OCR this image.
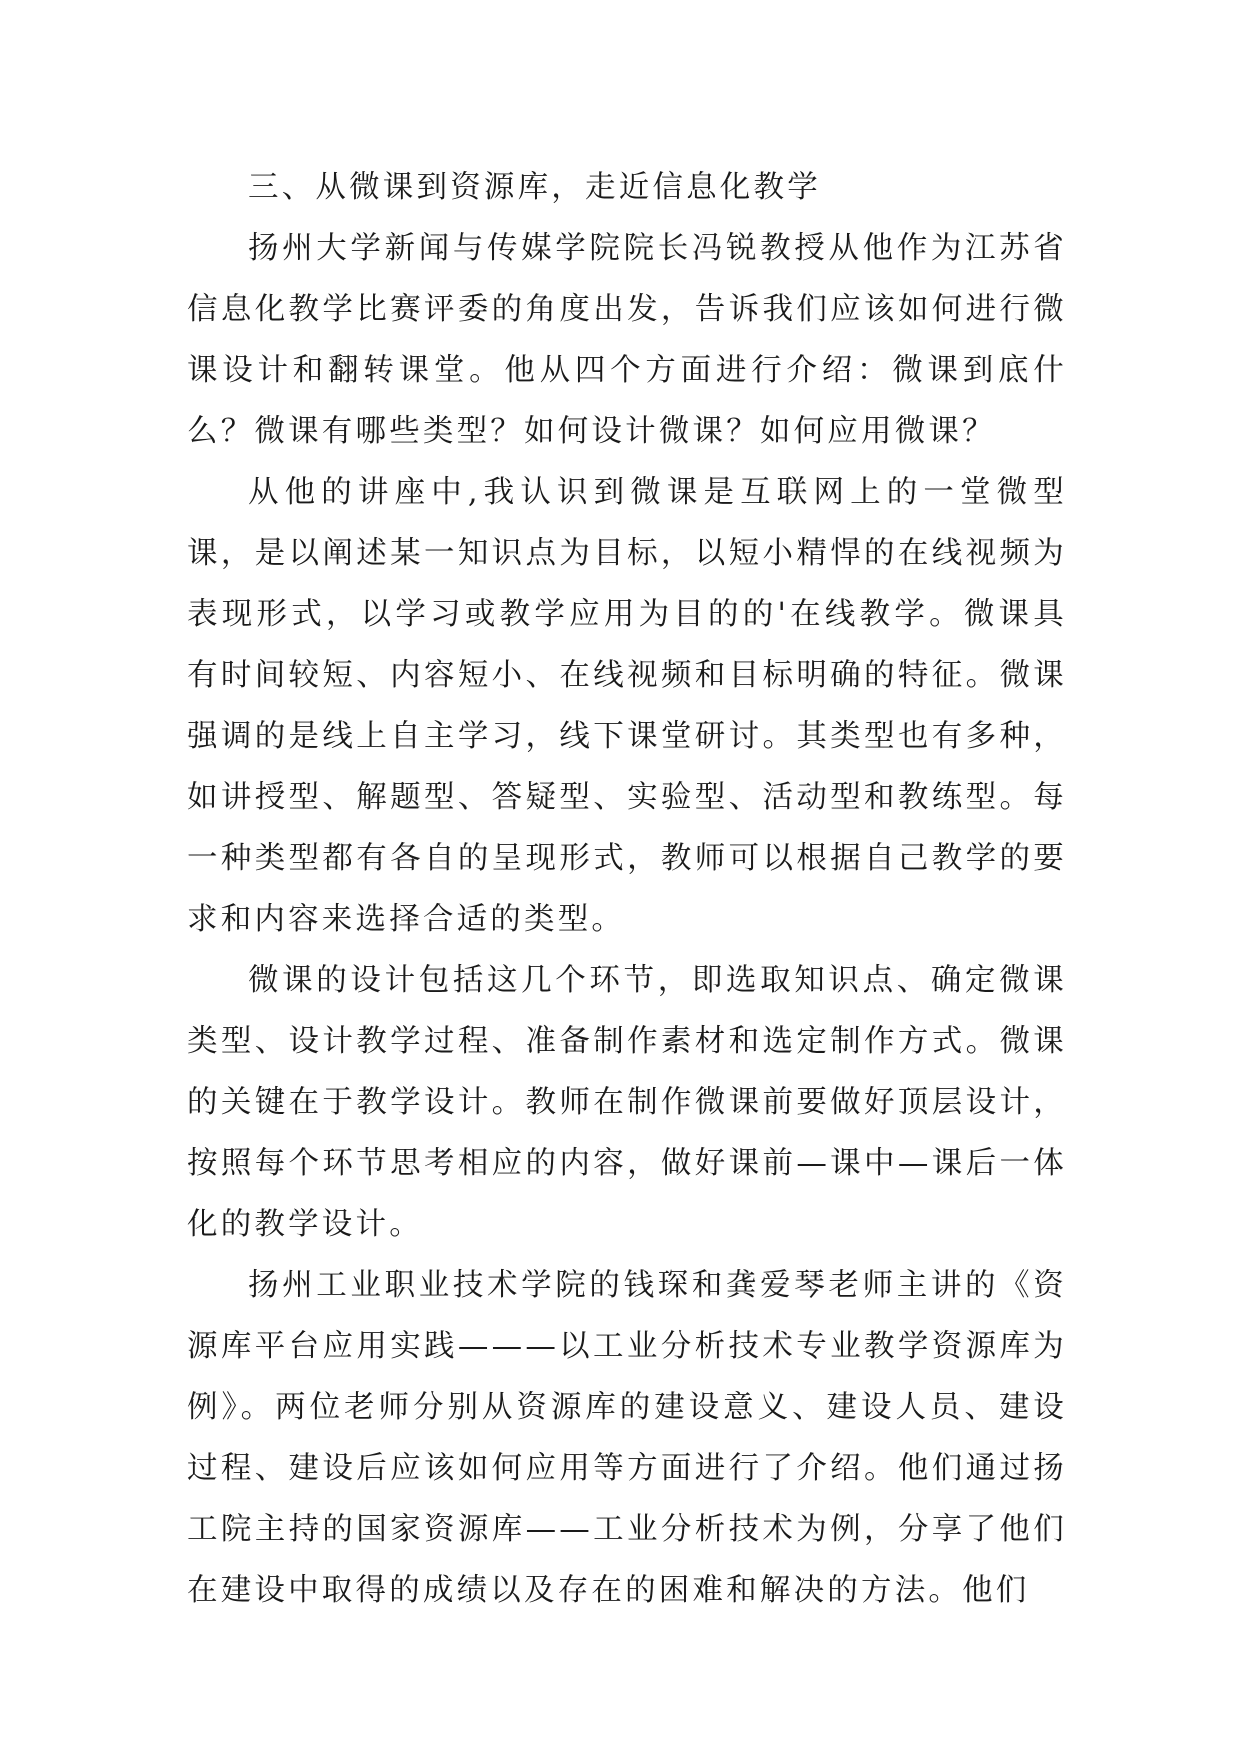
三、从微课到资源库，走近信息化教学

扬州大学新闻与传媒学院院长冯锐教授从他作为江苏省信息化教学比赛评委的角度出发，告诉我们应该如何进行微课设计和翻转课堂。他从四个方面进行介绍：微课到底什么？微课有哪些类型？如何设计微课？如何应用微课？

从他的讲座中,我认识到微课是互联网上的一堂微型课，是以阐述某一知识点为目标，以短小精悍的在线视频为表现形式，以学习或教学应用为目的的'在线教学。微课具有时间较短、内容短小、在线视频和目标明确的特征。微课强调的是线上自主学习，线下课堂研讨。其类型也有多种，如讲授型、解题型、答疑型、实验型、活动型和教练型。每一种类型都有各自的呈现形式，教师可以根据自己教学的要求和内容来选择合适的类型。

微课的设计包括这几个环节，即选取知识点、确定微课类型、设计教学过程、准备制作素材和选定制作方式。微课的关键在于教学设计。教师在制作微课前要做好顶层设计，按照每个环节思考相应的内容，做好课前—课中—课后一体化的教学设计。

扬州工业职业技术学院的钱琛和龚爱琴老师主讲的《资源库平台应用实践———以工业分析技术专业教学资源库为例》。两位老师分别从资源库的建设意义、建设人员、建设过程、建设后应该如何应用等方面进行了介绍。他们通过扬工院主持的国家资源库——工业分析技术为例，分享了他们在建设中取得的成绩以及存在的困难和解决的方法。他们
